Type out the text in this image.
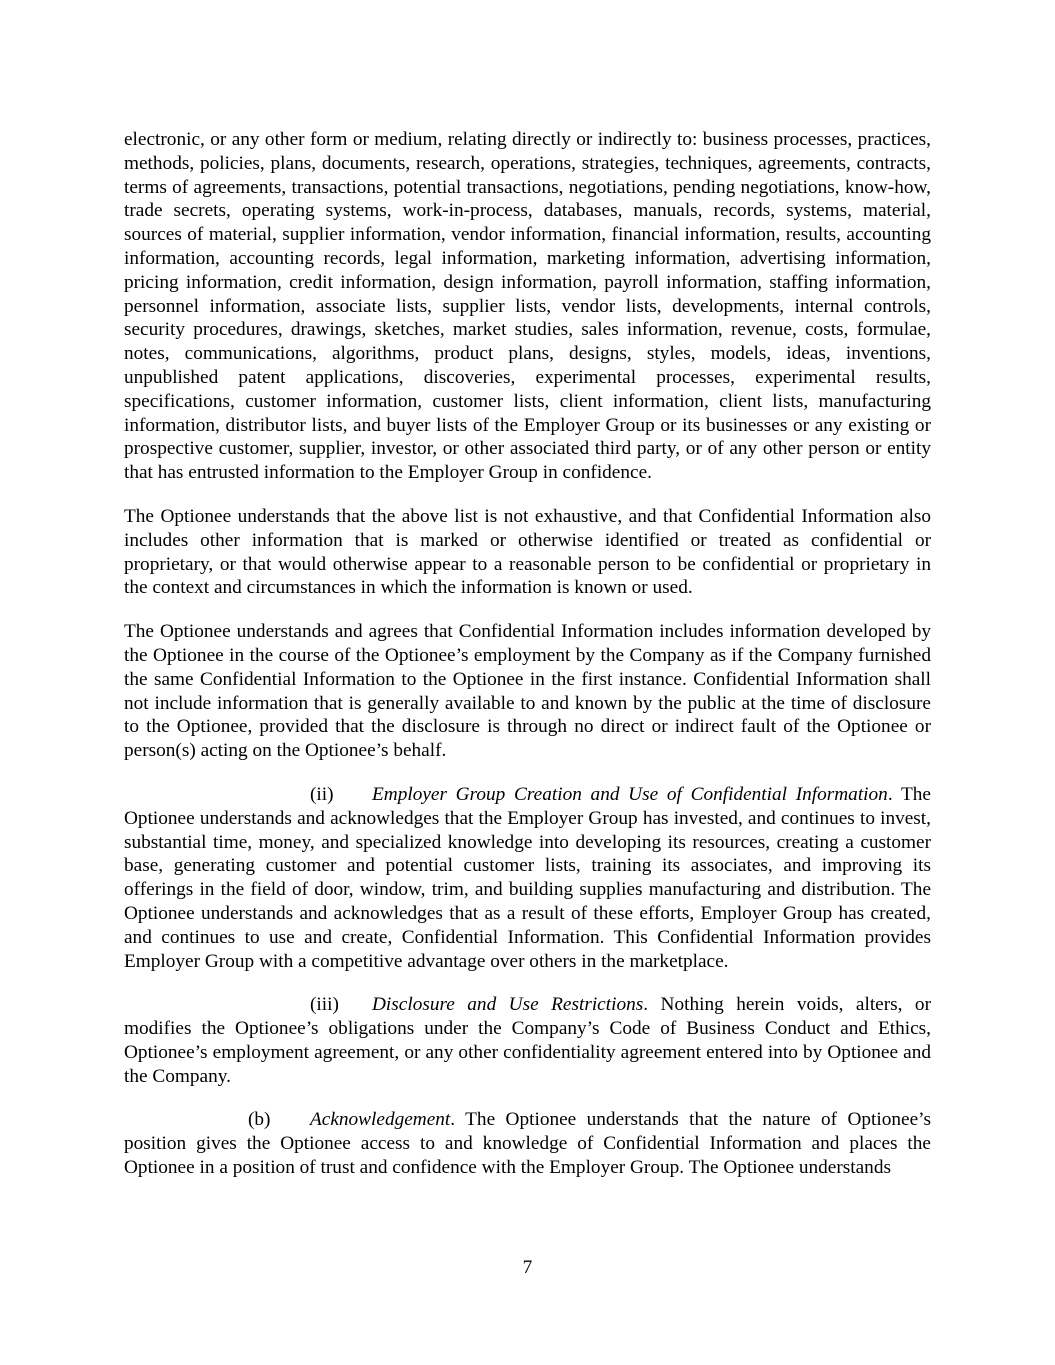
electronic, or any other form or medium, relating directly or indirectly to: business processes, practices, methods, policies, plans, documents, research, operations, strategies, techniques, agreements, contracts, terms of agreements, transactions, potential transactions, negotiations, pending negotiations, know-how, trade secrets, operating systems, work-in-process, databases, manuals, records, systems, material, sources of material, supplier information, vendor information, financial information, results, accounting information, accounting records, legal information, marketing information, advertising information, pricing information, credit information, design information, payroll information, staffing information, personnel information, associate lists, supplier lists, vendor lists, developments, internal controls, security procedures, drawings, sketches, market studies, sales information, revenue, costs, formulae, notes, communications, algorithms, product plans, designs, styles, models, ideas, inventions, unpublished patent applications, discoveries, experimental processes, experimental results, specifications, customer information, customer lists, client information, client lists, manufacturing information, distributor lists, and buyer lists of the Employer Group or its businesses or any existing or prospective customer, supplier, investor, or other associated third party, or of any other person or entity that has entrusted information to the Employer Group in confidence.

The Optionee understands that the above list is not exhaustive, and that Confidential Information also includes other information that is marked or otherwise identified or treated as confidential or proprietary, or that would otherwise appear to a reasonable person to be confidential or proprietary in the context and circumstances in which the information is known or used.

The Optionee understands and agrees that Confidential Information includes information developed by the Optionee in the course of the Optionee’s employment by the Company as if the Company furnished the same Confidential Information to the Optionee in the first instance. Confidential Information shall not include information that is generally available to and known by the public at the time of disclosure to the Optionee, provided that the disclosure is through no direct or indirect fault of the Optionee or person(s) acting on the Optionee’s behalf.

(ii) Employer Group Creation and Use of Confidential Information. The Optionee understands and acknowledges that the Employer Group has invested, and continues to invest, substantial time, money, and specialized knowledge into developing its resources, creating a customer base, generating customer and potential customer lists, training its associates, and improving its offerings in the field of door, window, trim, and building supplies manufacturing and distribution. The Optionee understands and acknowledges that as a result of these efforts, Employer Group has created, and continues to use and create, Confidential Information. This Confidential Information provides Employer Group with a competitive advantage over others in the marketplace.

(iii) Disclosure and Use Restrictions. Nothing herein voids, alters, or modifies the Optionee’s obligations under the Company’s Code of Business Conduct and Ethics, Optionee’s employment agreement, or any other confidentiality agreement entered into by Optionee and the Company.

(b) Acknowledgement. The Optionee understands that the nature of Optionee’s position gives the Optionee access to and knowledge of Confidential Information and places the Optionee in a position of trust and confidence with the Employer Group. The Optionee understands

7
